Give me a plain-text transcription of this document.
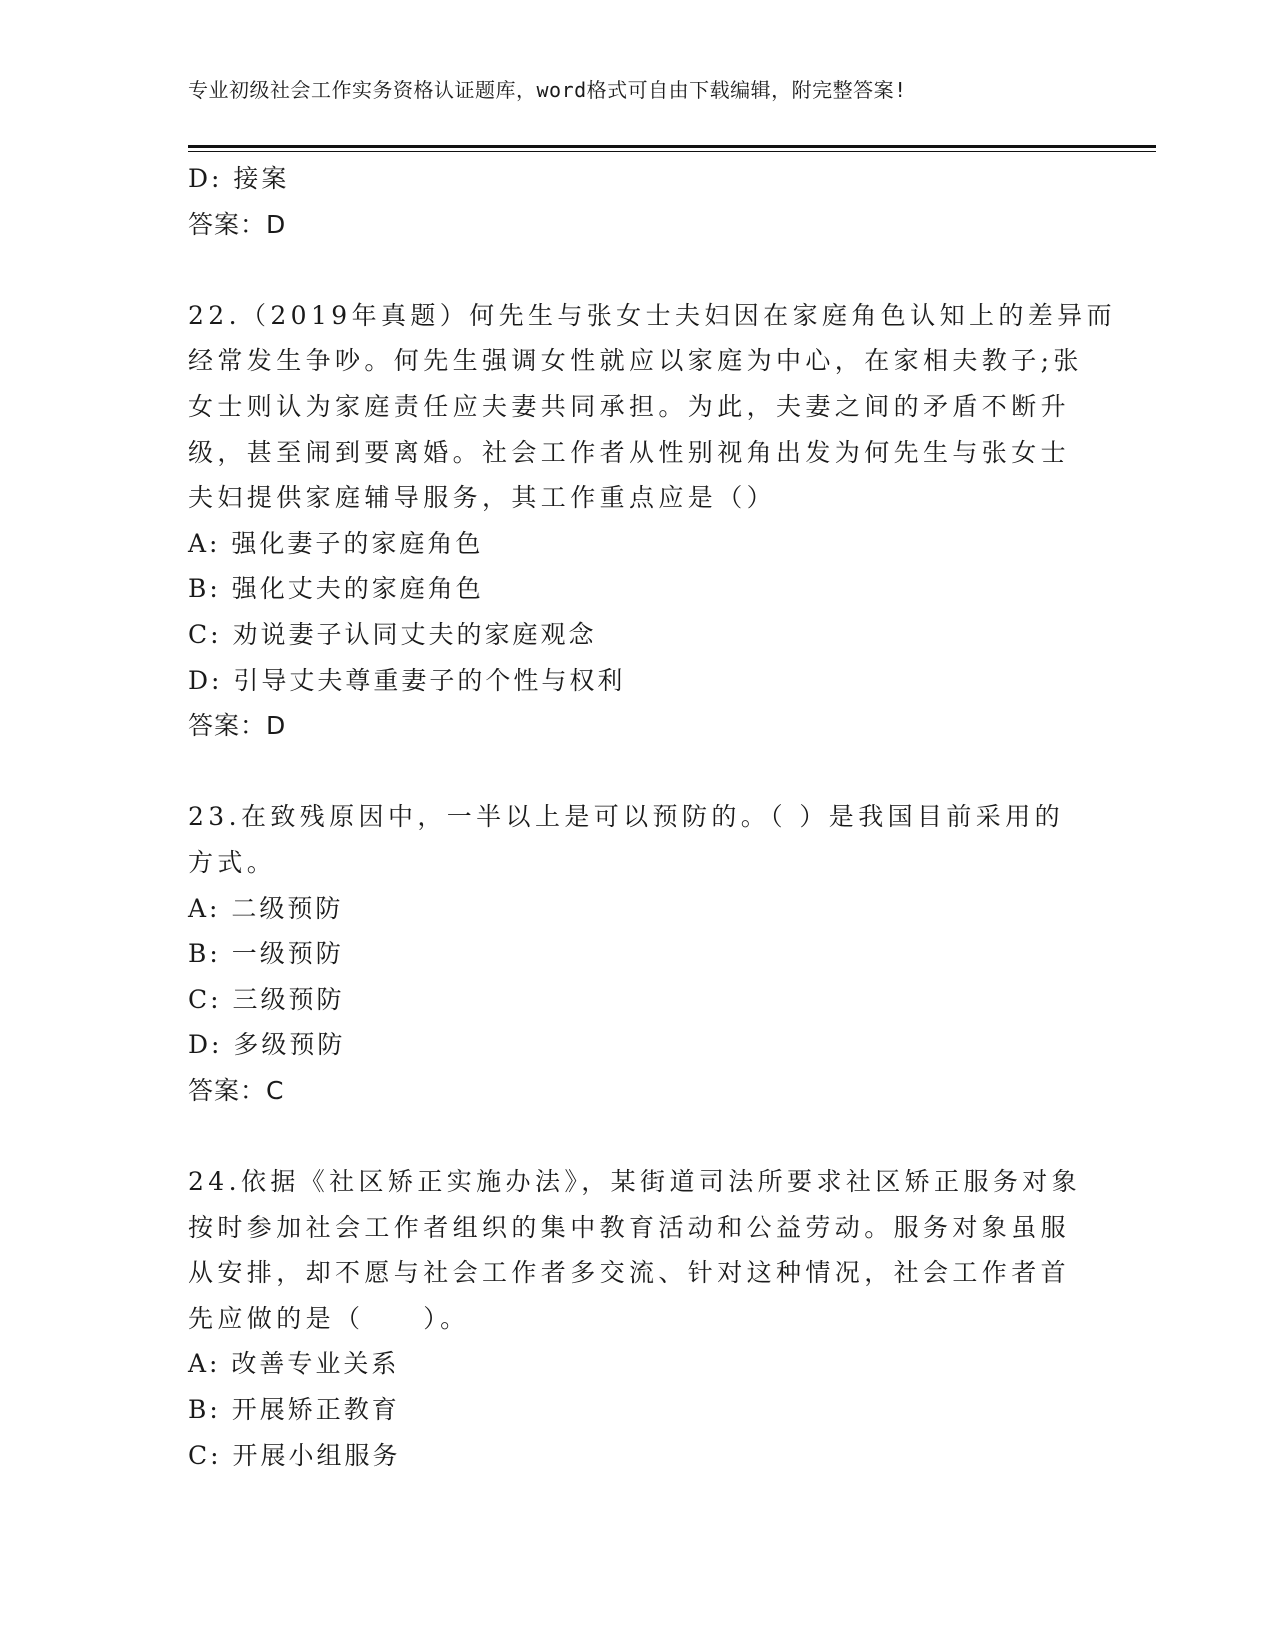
专业初级社会工作实务资格认证题库，word格式可自由下载编辑，附完整答案!
D: 接案
答案：D
22.（2019年真题）何先生与张女士夫妇因在家庭角色认知上的差异而
经常发生争吵。何先生强调女性就应以家庭为中心，在家相夫教子;张
女士则认为家庭责任应夫妻共同承担。为此，夫妻之间的矛盾不断升
级，甚至闹到要离婚。社会工作者从性别视角出发为何先生与张女士
夫妇提供家庭辅导服务，其工作重点应是（）
A: 强化妻子的家庭角色
B: 强化丈夫的家庭角色
C: 劝说妻子认同丈夫的家庭观念
D: 引导丈夫尊重妻子的个性与权利
答案：D
23.在致残原因中，一半以上是可以预防的。（ ）是我国目前采用的
方式。
A: 二级预防
B: 一级预防
C: 三级预防
D: 多级预防
答案：C
24.依据《社区矫正实施办法》，某街道司法所要求社区矫正服务对象
按时参加社会工作者组织的集中教育活动和公益劳动。服务对象虽服
从安排，却不愿与社会工作者多交流、针对这种情况，社会工作者首
先应做的是（　　）。
A: 改善专业关系
B: 开展矫正教育
C: 开展小组服务
